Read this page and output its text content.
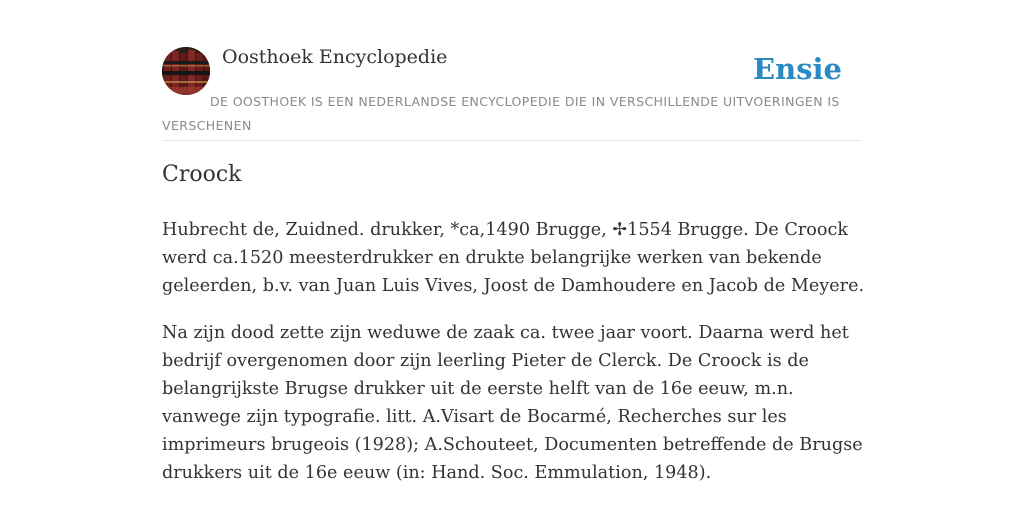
Oosthoek Encyclopedie	Ensie
DE OOSTHOEK IS EEN NEDERLANDSE ENCYCLOPEDIE DIE IN VERSCHILLENDE UITVOERINGEN IS VERSCHENEN
Croock

Hubrecht de, Zuidned. drukker, *ca,1490 Brugge, ✢1554 Brugge. De Croock werd ca.1520 meesterdrukker en drukte belangrijke werken van bekende geleerden, b.v. van Juan Luis Vives, Joost de Damhoudere en Jacob de Meyere.

Na zijn dood zette zijn weduwe de zaak ca. twee jaar voort. Daarna werd het bedrijf overgenomen door zijn leerling Pieter de Clerck. De Croock is de belangrijkste Brugse drukker uit de eerste helft van de 16e eeuw, m.n. vanwege zijn typografie. litt. A.Visart de Bocarmé, Recherches sur les imprimeurs brugeois (1928); A.Schouteet, Documenten betreffende de Brugse drukkers uit de 16e eeuw (in: Hand. Soc. Emmulation, 1948).
